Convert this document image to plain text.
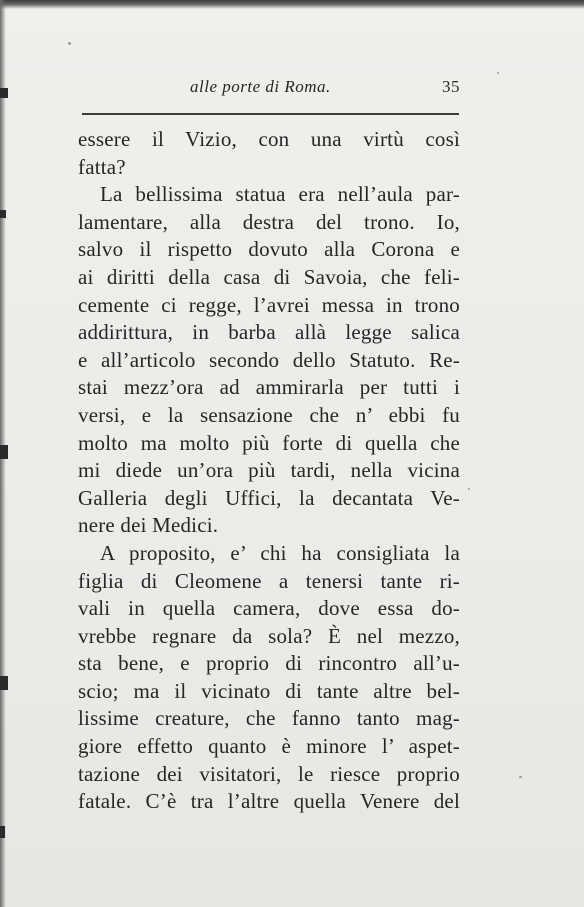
alle porte di Roma.	35
essere il Vizio, con una virtù così
fatta?
La bellissima statua era nell’aula par-
lamentare, alla destra del trono. Io,
salvo il rispetto dovuto alla Corona e
ai diritti della casa di Savoia, che feli-
cemente ci regge, l’avrei messa in trono
addirittura, in barba allà legge salica
e all’articolo secondo dello Statuto. Re-
stai mezz’ora ad ammirarla per tutti i
versi, e la sensazione che n’ ebbi fu
molto ma molto più forte di quella che
mi diede un’ora più tardi, nella vicina
Galleria degli Uffici, la decantata Ve-
nere dei Medici.
A proposito, e’ chi ha consigliata la
figlia di Cleomene a tenersi tante ri-
vali in quella camera, dove essa do-
vrebbe regnare da sola? È nel mezzo,
sta bene, e proprio di rincontro all’u-
scio; ma il vicinato di tante altre bel-
lissime creature, che fanno tanto mag-
giore effetto quanto è minore l’ aspet-
tazione dei visitatori, le riesce proprio
fatale. C’è tra l’altre quella Venere del
